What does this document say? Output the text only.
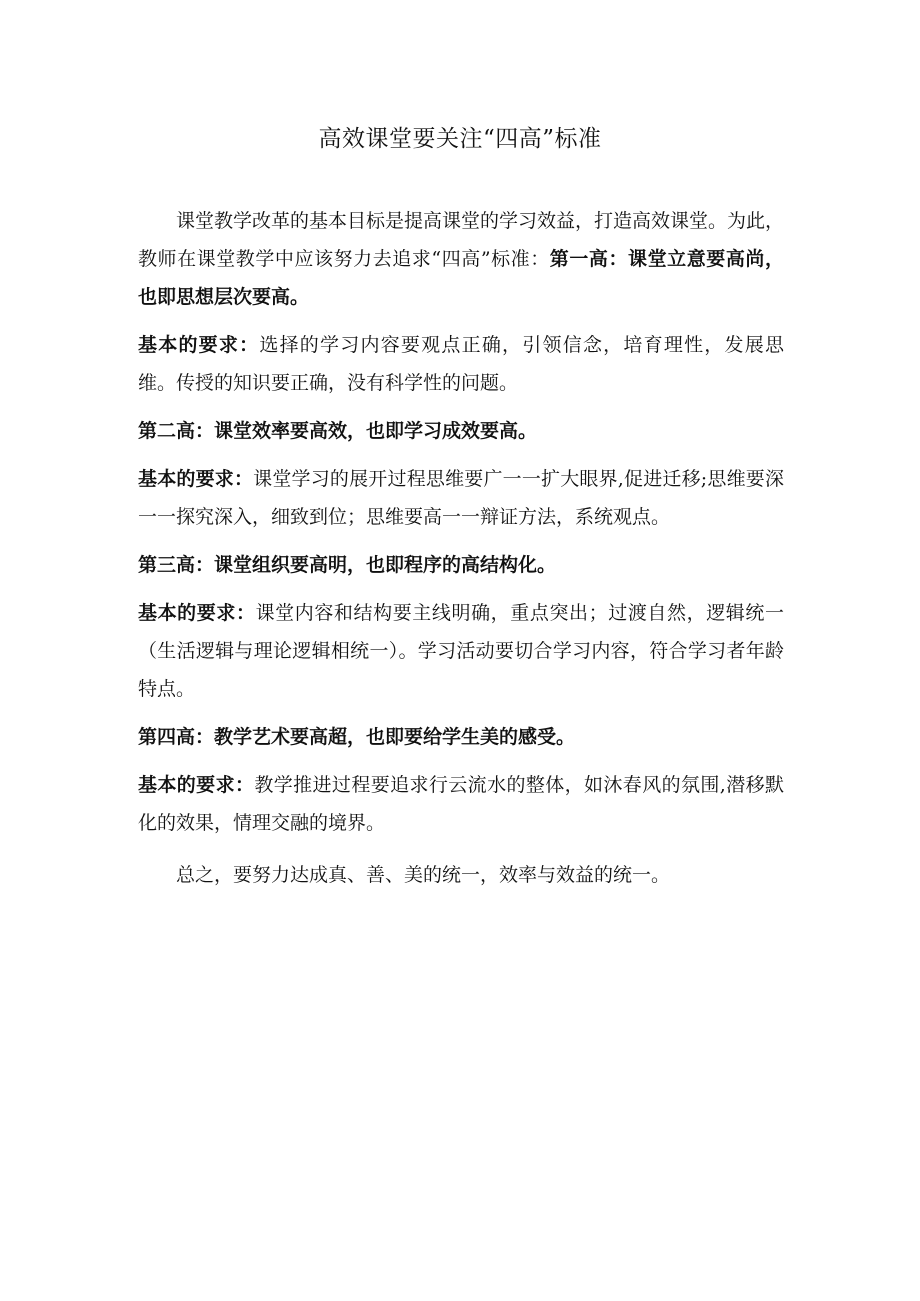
高效课堂要关注“四高”标准

课堂教学改革的基本目标是提高课堂的学习效益，打造高效课堂。为此，教师在课堂教学中应该努力去追求“四高”标准：第一高：课堂立意要高尚，也即思想层次要高。

基本的要求：选择的学习内容要观点正确，引领信念，培育理性，发展思维。传授的知识要正确，没有科学性的问题。

第二高：课堂效率要高效，也即学习成效要高。

基本的要求：课堂学习的展开过程思维要广一一扩大眼界,促进迁移;思维要深一一探究深入，细致到位；思维要高一一辩证方法，系统观点。

第三高：课堂组织要高明，也即程序的高结构化。

基本的要求：课堂内容和结构要主线明确，重点突出；过渡自然，逻辑统一（生活逻辑与理论逻辑相统一）。学习活动要切合学习内容，符合学习者年龄特点。

第四高：教学艺术要高超，也即要给学生美的感受。

基本的要求：教学推进过程要追求行云流水的整体，如沐春风的氛围,潜移默化的效果，情理交融的境界。

总之，要努力达成真、善、美的统一，效率与效益的统一。
